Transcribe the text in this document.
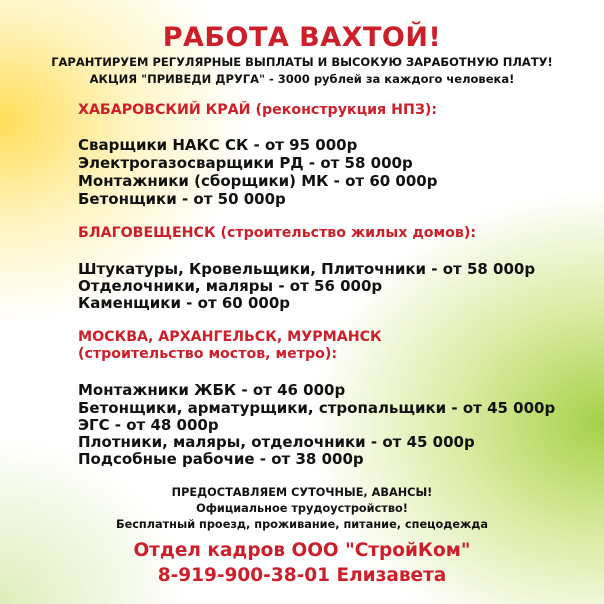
РАБОТА ВАХТОЙ!
ГАРАНТИРУЕМ РЕГУЛЯРНЫЕ ВЫПЛАТЫ И ВЫСОКУЮ ЗАРАБОТНУЮ ПЛАТУ!
АКЦИЯ "ПРИВЕДИ ДРУГА" - 3000 рублей за каждого человека!
ХАБАРОВСКИЙ КРАЙ (реконструкция НПЗ):
Сварщики НАКС СК - от 95 000р
Электрогазосварщики РД - от 58 000р
Монтажники (сборщики) МК - от 60 000р
Бетонщики - от 50 000р
БЛАГОВЕЩЕНСК (строительство жилых домов):
Штукатуры, Кровельщики, Плиточники - от 58 000р
Отделочники, маляры - от 56 000р
Каменщики - от 60 000р
МОСКВА, АРХАНГЕЛЬСК, МУРМАНСК
(строительство мостов, метро):
Монтажники ЖБК - от 46 000р
Бетонщики, арматурщики, стропальщики - от 45 000р
ЭГС - от 48 000р
Плотники, маляры, отделочники - от 45 000р
Подсобные рабочие - от 38 000р
ПРЕДОСТАВЛЯЕМ СУТОЧНЫЕ, АВАНСЫ!
Официальное трудоустройство!
Бесплатный проезд, проживание, питание, спецодежда
Отдел кадров ООО "СтройКом"
8-919-900-38-01 Елизавета
